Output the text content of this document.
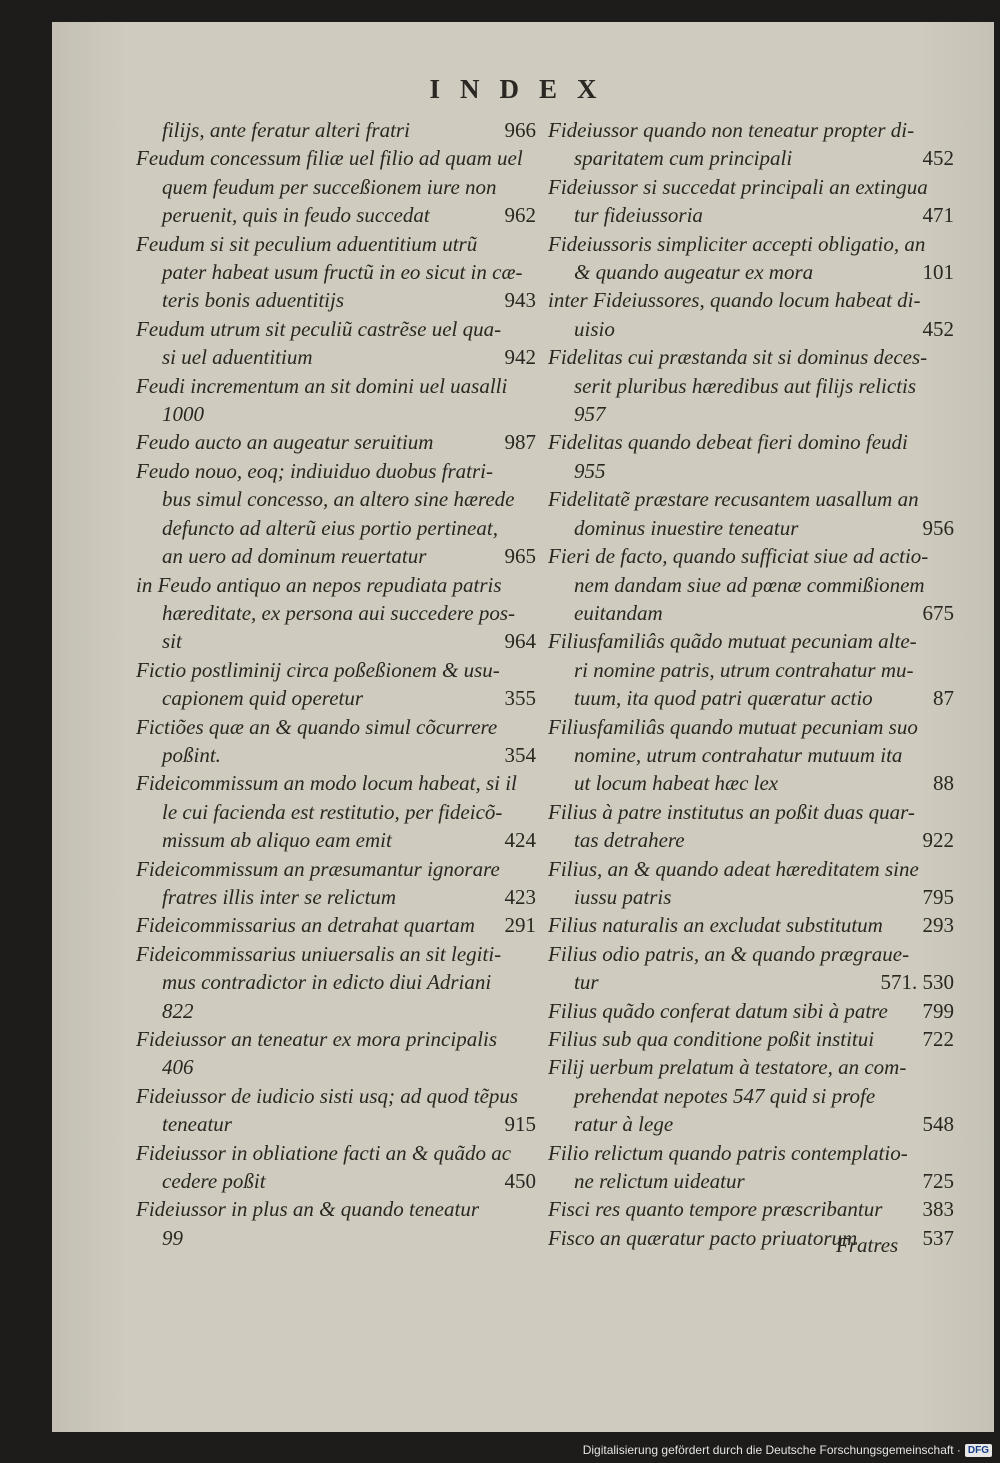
INDEX
966
filijs, ante feratur alteri fratri
Feudum concessum filiæ uel filio ad quam uel
quem feudum per succeßionem iure non
962
peruenit, quis in feudo succedat
Feudum si sit peculium aduentitium utrũ
pater habeat usum fructũ in eo sicut in cæ-
943
teris bonis aduentitijs
Feudum utrum sit peculiũ castrẽse uel qua-
942
si uel aduentitium
Feudi incrementum an sit domini uel uasalli
1000
987
Feudo aucto an augeatur seruitium
Feudo nouo, eoq; indiuiduo duobus fratri-
bus simul concesso, an altero sine hærede
defuncto ad alterũ eius portio pertineat,
965
an uero ad dominum reuertatur
in Feudo antiquo an nepos repudiata patris
hæreditate, ex persona aui succedere pos-
964
sit
Fictio postliminij circa poßeßionem & usu-
355
capionem quid operetur
Fictiões quæ an & quando simul cõcurrere
354
poßint.
Fideicommissum an modo locum habeat, si il
le cui facienda est restitutio, per fideicõ-
424
missum ab aliquo eam emit
Fideicommissum an præsumantur ignorare
423
fratres illis inter se relictum
291
Fideicommissarius an detrahat quartam
Fideicommissarius uniuersalis an sit legiti-
mus contradictor in edicto diui Adriani
822
Fideiussor an teneatur ex mora principalis
406
Fideiussor de iudicio sisti usq; ad quod tẽpus
915
teneatur
Fideiussor in obliatione facti an & quãdo ac
450
cedere poßit
Fideiussor in plus an & quando teneatur
99
Fideiussor quando non teneatur propter di-
452
sparitatem cum principali
Fideiussor si succedat principali an extingua
471
tur fideiussoria
Fideiussoris simpliciter accepti obligatio, an
101
& quando augeatur ex mora
inter Fideiussores, quando locum habeat di-
452
uisio
Fidelitas cui præstanda sit si dominus deces-
serit pluribus hæredibus aut filijs relictis
957
Fidelitas quando debeat fieri domino feudi
955
Fidelitatẽ præstare recusantem uasallum an
956
dominus inuestire teneatur
Fieri de facto, quando sufficiat siue ad actio-
nem dandam siue ad pœnæ commißionem
675
euitandam
Filiusfamiliâs quãdo mutuat pecuniam alte-
ri nomine patris, utrum contrahatur mu-
87
tuum, ita quod patri quæratur actio
Filiusfamiliâs quando mutuat pecuniam suo
nomine, utrum contrahatur mutuum ita
88
ut locum habeat hæc lex
Filius à patre institutus an poßit duas quar-
922
tas detrahere
Filius, an & quando adeat hæreditatem sine
795
iussu patris
293
Filius naturalis an excludat substitutum
Filius odio patris, an & quando prægraue-
571. 530
tur
799
Filius quãdo conferat datum sibi à patre
722
Filius sub qua conditione poßit institui
Filij uerbum prelatum à testatore, an com-
prehendat nepotes 547 quid si profe
548
ratur à lege
Filio relictum quando patris contemplatio-
725
ne relictum uideatur
383
Fisci res quanto tempore præscribantur
537
Fisco an quæratur pacto priuatorum
Fratres
Digitalisierung gefördert durch die Deutsche Forschungsgemeinschaft · DFG
